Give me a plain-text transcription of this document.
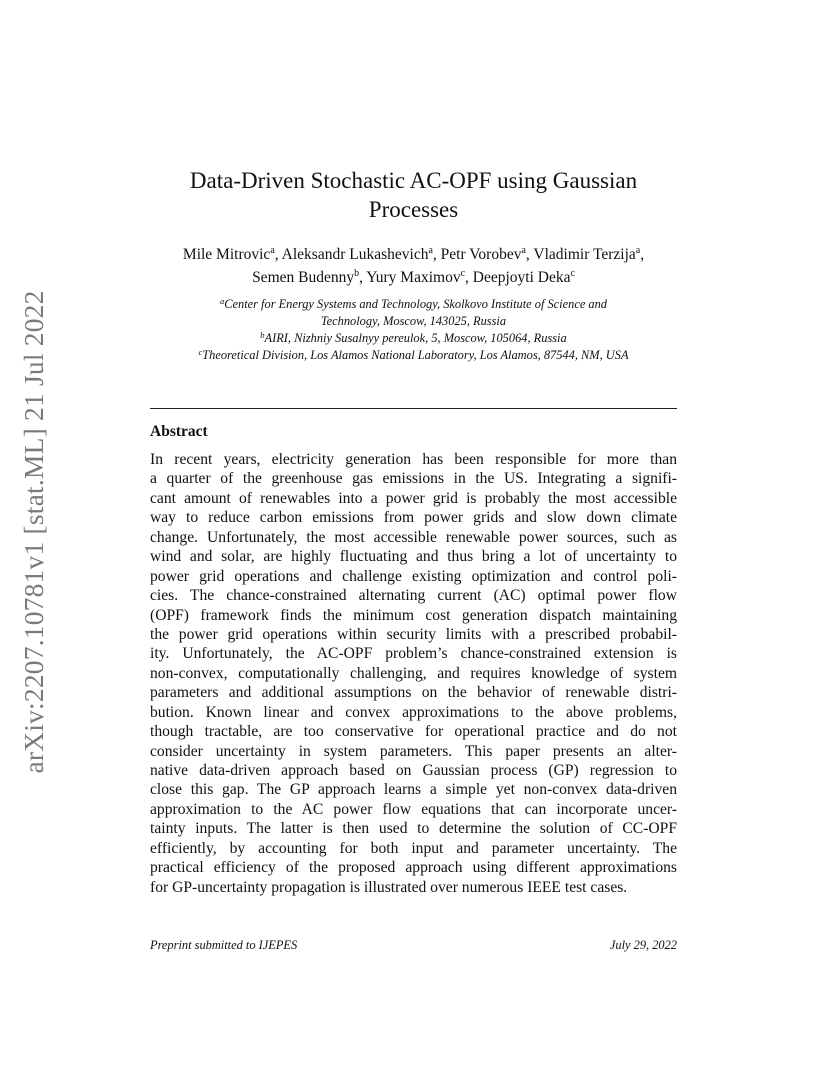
arXiv:2207.10781v1 [stat.ML] 21 Jul 2022
Data-Driven Stochastic AC-OPF using Gaussian
Processes
Mile Mitrovic$^a$, Aleksandr Lukashevich$^a$, Petr Vorobev$^a$, Vladimir Terzija$^a$,
Semen Budenny$^b$, Yury Maximov$^c$, Deepjoyti Deka$^c$
$^a$Center for Energy Systems and Technology, Skolkovo Institute of Science and
Technology, Moscow, 143025, Russia
$^b$AIRI, Nizhniy Susalnyy pereulok, 5, Moscow, 105064, Russia
$^c$Theoretical Division, Los Alamos National Laboratory, Los Alamos, 87544, NM, USA
Abstract
In recent years, electricity generation has been responsible for more than
a quarter of the greenhouse gas emissions in the US. Integrating a signifi-
cant amount of renewables into a power grid is probably the most accessible
way to reduce carbon emissions from power grids and slow down climate
change. Unfortunately, the most accessible renewable power sources, such as
wind and solar, are highly fluctuating and thus bring a lot of uncertainty to
power grid operations and challenge existing optimization and control poli-
cies. The chance-constrained alternating current (AC) optimal power flow
(OPF) framework finds the minimum cost generation dispatch maintaining
the power grid operations within security limits with a prescribed probabil-
ity. Unfortunately, the AC-OPF problem’s chance-constrained extension is
non-convex, computationally challenging, and requires knowledge of system
parameters and additional assumptions on the behavior of renewable distri-
bution. Known linear and convex approximations to the above problems,
though tractable, are too conservative for operational practice and do not
consider uncertainty in system parameters. This paper presents an alter-
native data-driven approach based on Gaussian process (GP) regression to
close this gap. The GP approach learns a simple yet non-convex data-driven
approximation to the AC power flow equations that can incorporate uncer-
tainty inputs. The latter is then used to determine the solution of CC-OPF
efficiently, by accounting for both input and parameter uncertainty. The
practical efficiency of the proposed approach using different approximations
for GP-uncertainty propagation is illustrated over numerous IEEE test cases.
Preprint submitted to IJEPES	July 29, 2022
